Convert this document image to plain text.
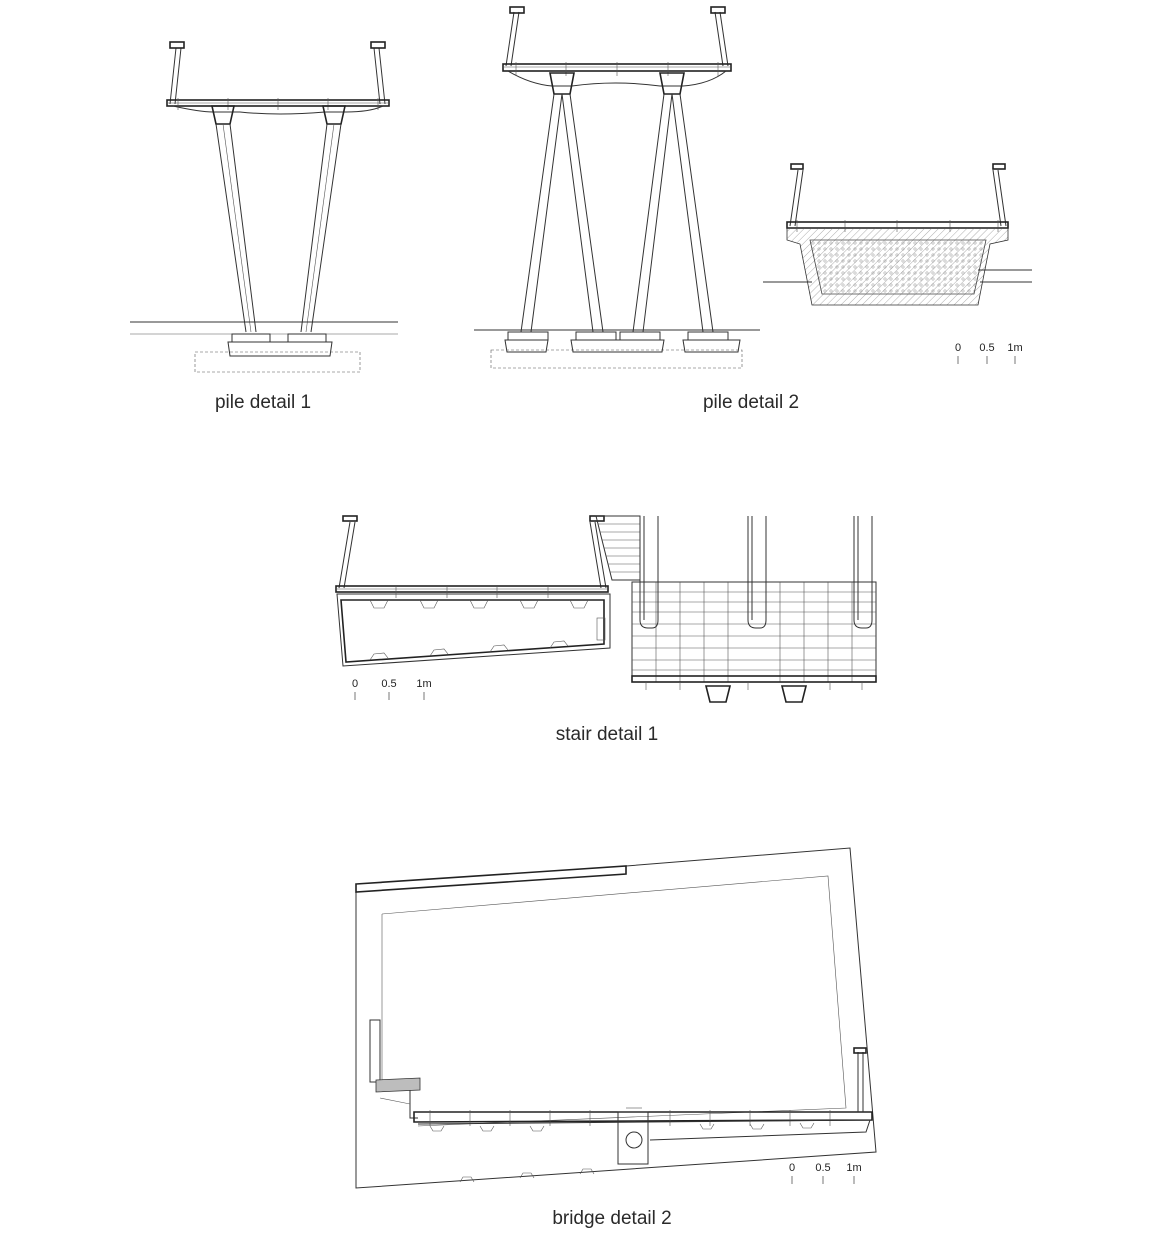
pile detail 1	pile detail 2
stair detail 1
bridge detail 2
0 0.5 1m
0 0.5 1m
0 0.5 1m
